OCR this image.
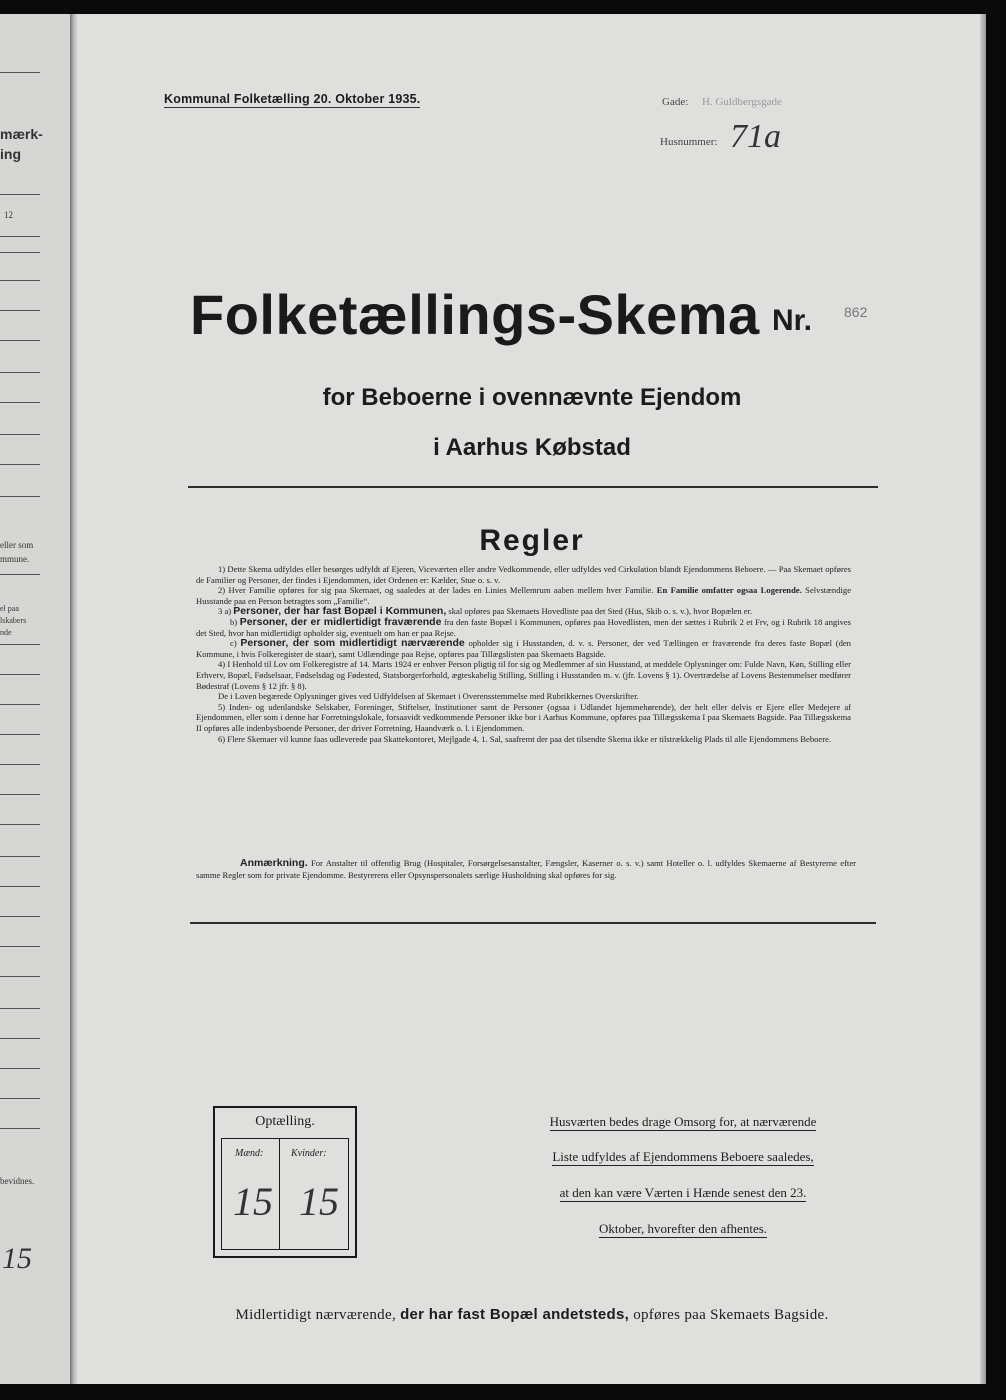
mærk-
ing
12
eller som
mmune.
el paa
lskabers
nde
bevidnes.
15
Kommunal Folketælling 20. Oktober 1935.	Gade: H. Guldbergsgade
Husnummer: 71a
Folketællings-Skema Nr. 862
for Beboerne i ovennævnte Ejendom
i Aarhus Købstad
Regler

1) Dette Skema udfyldes eller besørges udfyldt af Ejeren, Viceværten eller andre Vedkommende, eller udfyldes ved Cirkulation blandt Ejendommens Beboere. — Paa Skemaet opføres de Familier og Personer, der findes i Ejendommen, idet Ordenen er: Kælder, Stue o. s. v.

2) Hver Familie opføres for sig paa Skemaet, og saaledes at der lades en Linies Mellemrum aaben mellem hver Familie. En Familie omfatter ogsaa Logerende. Selvstændige Husstande paa en Person betragtes som „Familie“.

3 a) Personer, der har fast Bopæl i Kommunen, skal opføres paa Skemaets Hovedliste paa det Sted (Hus, Skib o. s. v.), hvor Bopælen er.

b) Personer, der er midlertidigt fraværende fra den faste Bopæl i Kommunen, opføres paa Hovedlisten, men der sættes i Rubrik 2 et Frv, og i Rubrik 18 angives det Sted, hvor han midlertidigt opholder sig, eventuelt om han er paa Rejse.

c) Personer, der som midlertidigt nærværende opholder sig i Husstanden, d. v. s. Personer, der ved Tællingen er fraværende fra deres faste Bopæl (den Kommune, i hvis Folkeregister de staar), samt Udlændinge paa Rejse, opføres paa Tillægslisten paa Skemaets Bagside.

4) I Henhold til Lov om Folkeregistre af 14. Marts 1924 er enhver Person pligtig til for sig og Medlemmer af sin Husstand, at meddele Oplysninger om: Fulde Navn, Køn, Stilling eller Erhverv, Bopæl, Fødselsaar, Fødselsdag og Fødested, Statsborgerforhold, ægteskabelig Stilling, Stilling i Husstanden m. v. (jfr. Lovens § 1). Overtrædelse af Lovens Bestemmelser medfører Bødestraf (Lovens § 12 jfr. § 8).

De i Loven begærede Oplysninger gives ved Udfyldelsen af Skemaet i Overensstemmelse med Rubrikkernes Overskrifter.

5) Inden- og udenlandske Selskaber, Foreninger, Stiftelser, Institutioner samt de Personer (ogsaa i Udlandet hjemmehørende), der helt eller delvis er Ejere eller Medejere af Ejendommen, eller som i denne har Forretningslokale, forsaavidt vedkommende Personer ikke bor i Aarhus Kommune, opføres paa Tillægsskema I paa Skemaets Bagside. Paa Tillægsskema II opføres alle indenbysboende Personer, der driver Forretning, Haandværk o. l. i Ejendommen.

6) Flere Skemaer vil kunne faas udleverede paa Skattekontoret, Mejlgade 4, 1. Sal, saafremt der paa det tilsendte Skema ikke er tilstrækkelig Plads til alle Ejendommens Beboere.

Anmærkning. For Anstalter til offentlig Brug (Hospitaler, Forsørgelsesanstalter, Fængsler, Kaserner o. s. v.) samt Hoteller o. l. udfyldes Skemaerne af Bestyrerne efter samme Regler som for private Ejendomme. Bestyrerens eller Opsynspersonalets særlige Husholdning skal opføres for sig.
Optælling.
Mænd:	Kvinder:
15 15
Husværten bedes drage Omsorg for, at nærværende
Liste udfyldes af Ejendommens Beboere saaledes,
at den kan være Værten i Hænde senest den 23.
Oktober, hvorefter den afhentes.
Midlertidigt nærværende, der har fast Bopæl andetsteds, opføres paa Skemaets Bagside.
